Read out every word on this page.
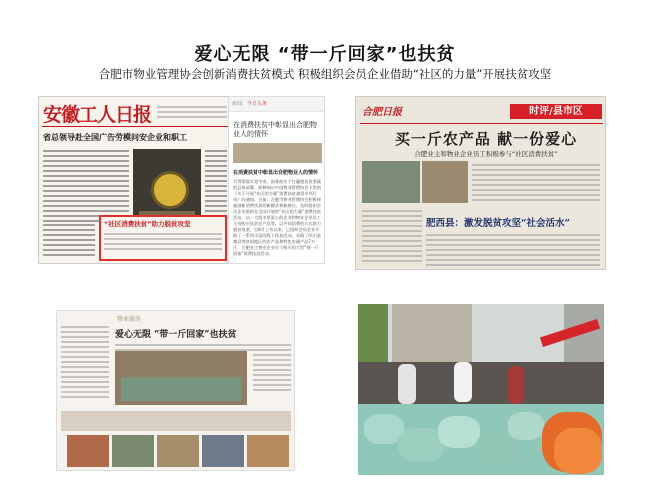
爱心无限 “带一斤回家”也扶贫
合肥市物业管理协会创新消费扶贫模式 积极组织会员企业借助“社区的力量”开展扶贫攻坚
安徽工人日报
省总领导赴全国广告劳模问安企业和职工
“社区消费扶贫”助力脱贫攻坚
新闻 今日头条
在消费扶贫中彰显出合肥物业人的情怀
在消费扶贫中彰显出合肥物业人的情怀
为贯彻落实党中央、国务院关于打赢脱贫攻坚战的总体部署，积极响应中国物业管理协会下发的《关于开展“社区的力量”消费扶贫战役专项行动》的通知。日前，合肥市物业管理协会积极探索创新消费扶贫的新模式和新路径，及时组织会员企业借助在全国开展的“社区的力量”消费扶贫活动。以一大批丰厚爱心的企业和物业企业员工主动购买扶贫农产品等。以共同消费的方式助力脱贫攻坚，自6月上旬以来，已组织会员企业开展了一系列丰富的线下扶贫活动。采购了四川金寨县等贫困地区的农产品和特色农副产品7万斤，合肥业主物业企业员工购买的大型“带一斤回家”消费扶贫活动。
合肥日报	时评/县市区
买一斤农产品 献一份爱心
合肥业主和物业企业员工积极参与“社区消费扶贫”
肥西县：激发脱贫攻坚“社会活水”
物业服务
爱心无限 “带一斤回家”也扶贫
